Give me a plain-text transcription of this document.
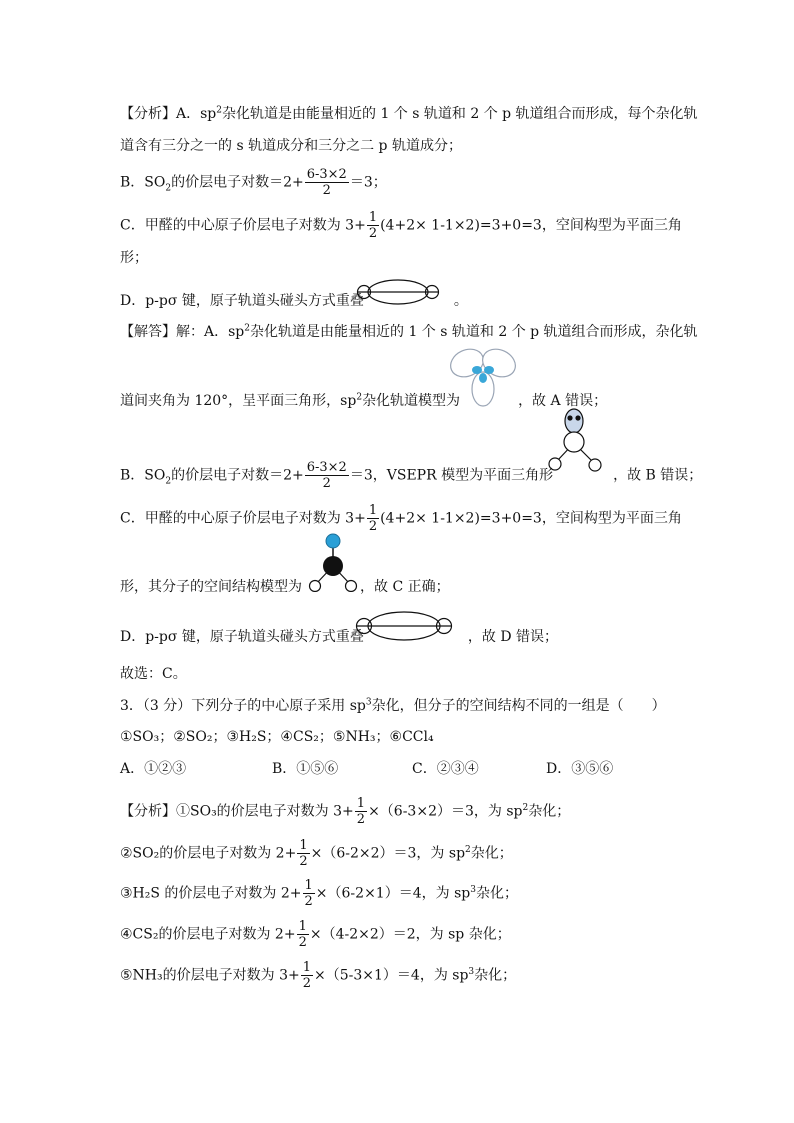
【分析】A．$sp^2$杂化轨道是由能量相近的 1 个 s 轨道和 2 个 p 轨道组合而形成，每个杂化轨
道含有三分之一的 s 轨道成分和三分之二 p 轨道成分；
B．$SO_2$的价层电子对数$=2+ \frac{6-3\times 2}{2} =3$；
C．甲醛的中心原子价层电子对数为 $3+ \frac{1}{2} (4+2\times 1-1\times 2)=3+0=3$，空间构型为平面三角
形；
D．p-pσ 键，原子轨道头碰头方式重叠	。
【解答】解：A．$sp^2$杂化轨道是由能量相近的 1 个 s 轨道和 2 个 p 轨道组合而形成，杂化轨
道间夹角为 120°，呈平面三角形，$sp^2$杂化轨道模型为	，故 A 错误；
B．$SO_2$的价层电子对数$=2+ \frac{6-3\times 2}{2} =3$，VSEPR 模型为平面三角形	，故 B 错误；
C．甲醛的中心原子价层电子对数为 $3+ \frac{1}{2} (4+2\times 1-1\times 2)=3+0=3$，空间构型为平面三角
形，其分子的空间结构模型为	，故 C 正确；
D．p-pσ 键，原子轨道头碰头方式重叠	，故 D 错误；
故选：C。
3．（3 分）下列分子的中心原子采用 $sp^3$杂化，但分子的空间结构不同的一组是（　　）
①SO₃；②SO₂；③H₂S；④CS₂；⑤NH₃；⑥CCl₄
A．①②③	B．①⑤⑥	C．②③④	D．③⑤⑥
【分析】①SO₃的价层电子对数为 $3+ \frac{1}{2} \times(6-3\times 2)=3$，为 $sp^2$杂化；
②SO₂的价层电子对数为 $2+ \frac{1}{2} \times(6-2\times 2)=3$，为 $sp^2$杂化；
③H₂S 的价层电子对数为 $2+ \frac{1}{2} \times(6-2\times 1)=4$，为 $sp^3$杂化；
④CS₂的价层电子对数为 $2+ \frac{1}{2} \times(4-2\times 2)=2$，为 sp 杂化；
⑤NH₃的价层电子对数为 $3+ \frac{1}{2} \times(5-3\times 1)=4$，为 $sp^3$杂化；
